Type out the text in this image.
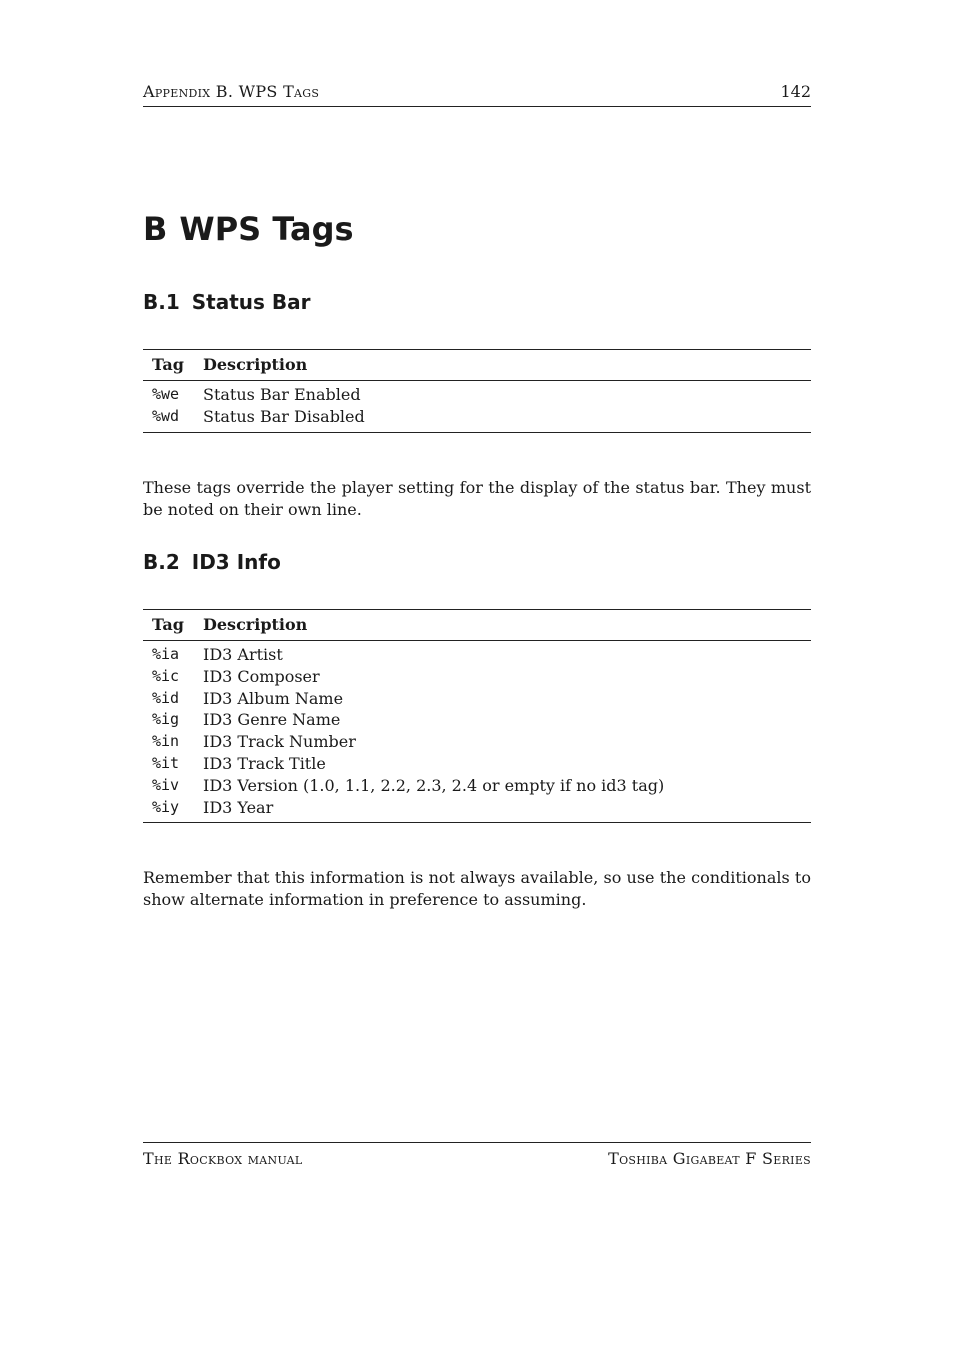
Appendix B. WPS Tags	142
B WPS Tags
B.1 Status Bar
Tag	Description
%we	Status Bar Enabled
%wd	Status Bar Disabled

These tags override the player setting for the display of the status bar. They must be noted on their own line.

B.2 ID3 Info
Tag	Description
%ia	ID3 Artist
%ic	ID3 Composer
%id	ID3 Album Name
%ig	ID3 Genre Name
%in	ID3 Track Number
%it	ID3 Track Title
%iv	ID3 Version (1.0, 1.1, 2.2, 2.3, 2.4 or empty if no id3 tag)
%iy	ID3 Year

Remember that this information is not always available, so use the conditionals to show alternate information in preference to assuming.

The Rockbox manual	Toshiba Gigabeat F Series
